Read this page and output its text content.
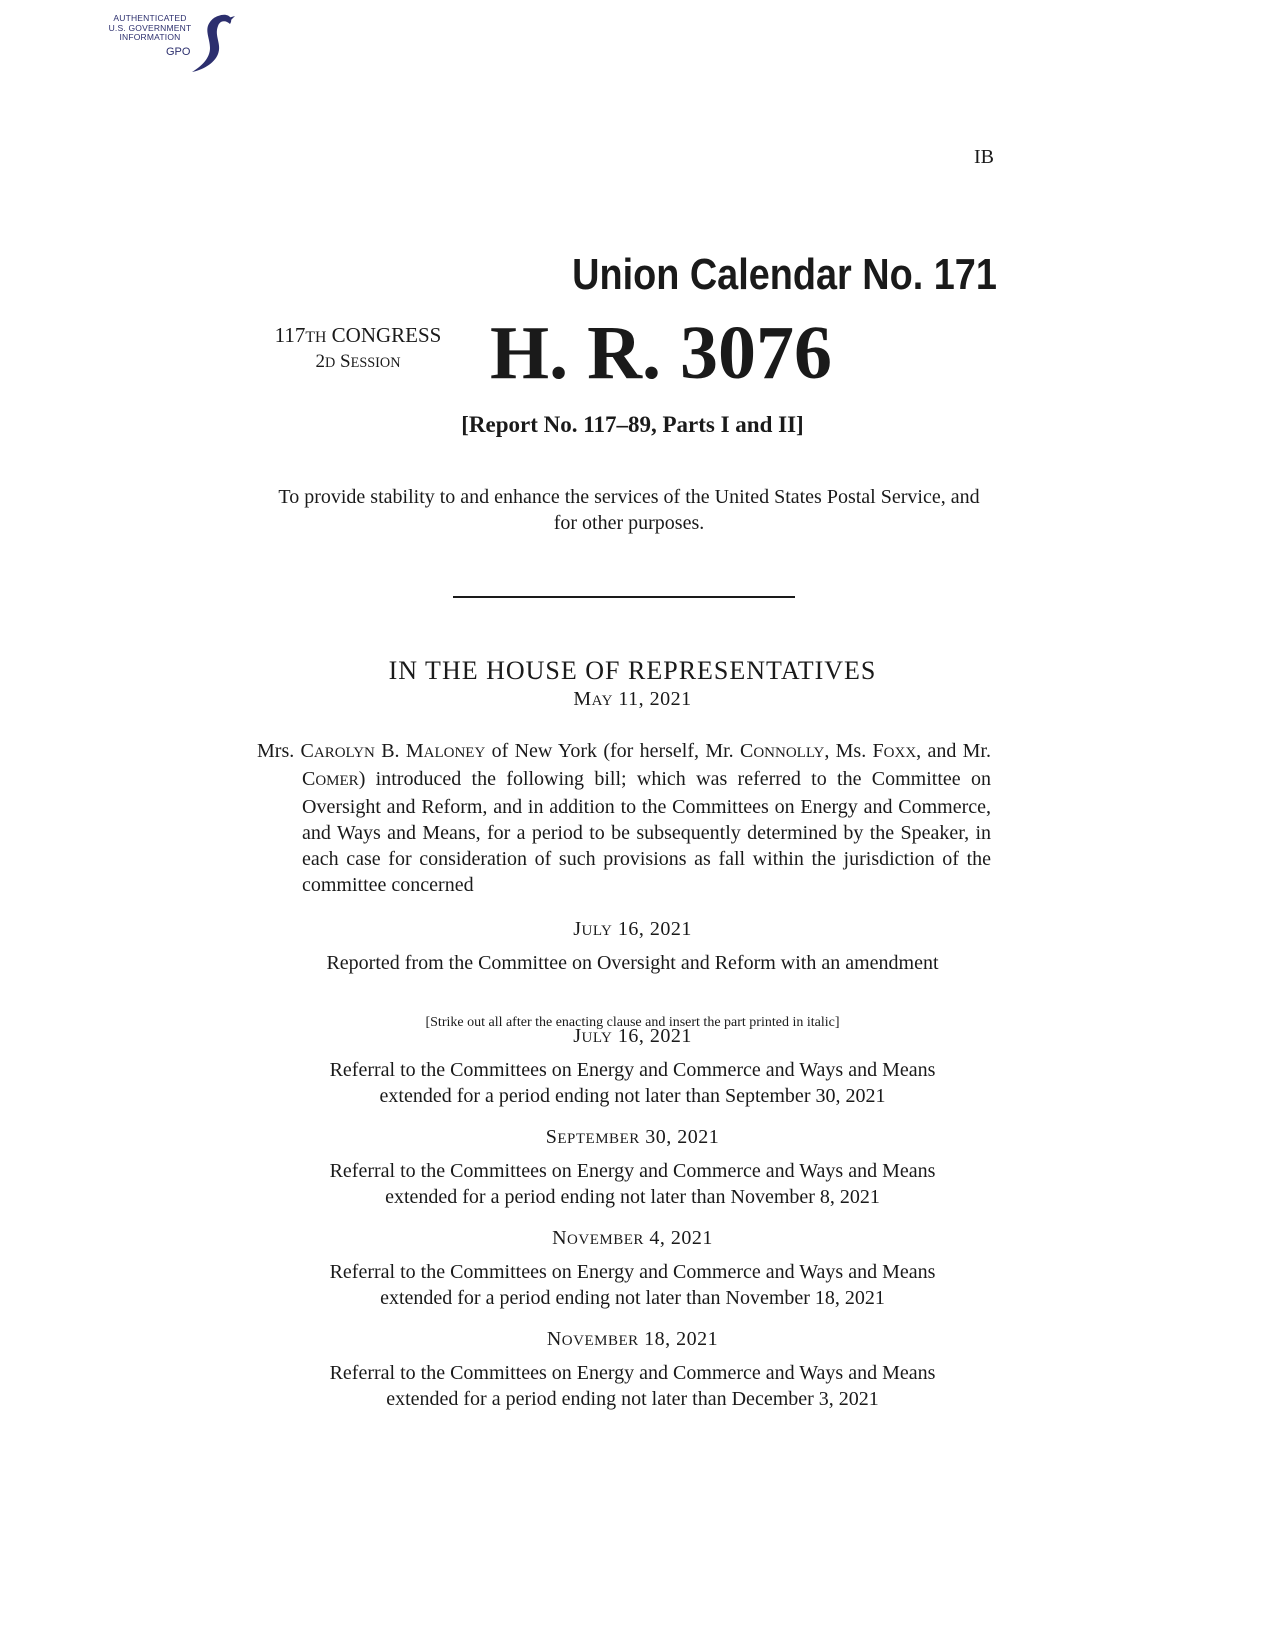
AUTHENTICATED
U.S. GOVERNMENT
INFORMATION
GPO
IB
Union Calendar No. 171
117TH CONGRESS
2D SESSION	H. R. 3076
[Report No. 117–89, Parts I and II]
To provide stability to and enhance the services of the United States Postal Service, and for other purposes.
IN THE HOUSE OF REPRESENTATIVES
MAY 11, 2021
Mrs. CAROLYN B. MALONEY of New York (for herself, Mr. CONNOLLY, Ms. FOXX, and Mr. COMER) introduced the following bill; which was referred to the Committee on Oversight and Reform, and in addition to the Committees on Energy and Commerce, and Ways and Means, for a period to be subsequently determined by the Speaker, in each case for consideration of such provisions as fall within the jurisdiction of the committee concerned
JULY 16, 2021
Reported from the Committee on Oversight and Reform with an amendment
[Strike out all after the enacting clause and insert the part printed in italic]
JULY 16, 2021
Referral to the Committees on Energy and Commerce and Ways and Means
extended for a period ending not later than September 30, 2021
SEPTEMBER 30, 2021
Referral to the Committees on Energy and Commerce and Ways and Means
extended for a period ending not later than November 8, 2021
NOVEMBER 4, 2021
Referral to the Committees on Energy and Commerce and Ways and Means
extended for a period ending not later than November 18, 2021
NOVEMBER 18, 2021
Referral to the Committees on Energy and Commerce and Ways and Means
extended for a period ending not later than December 3, 2021
